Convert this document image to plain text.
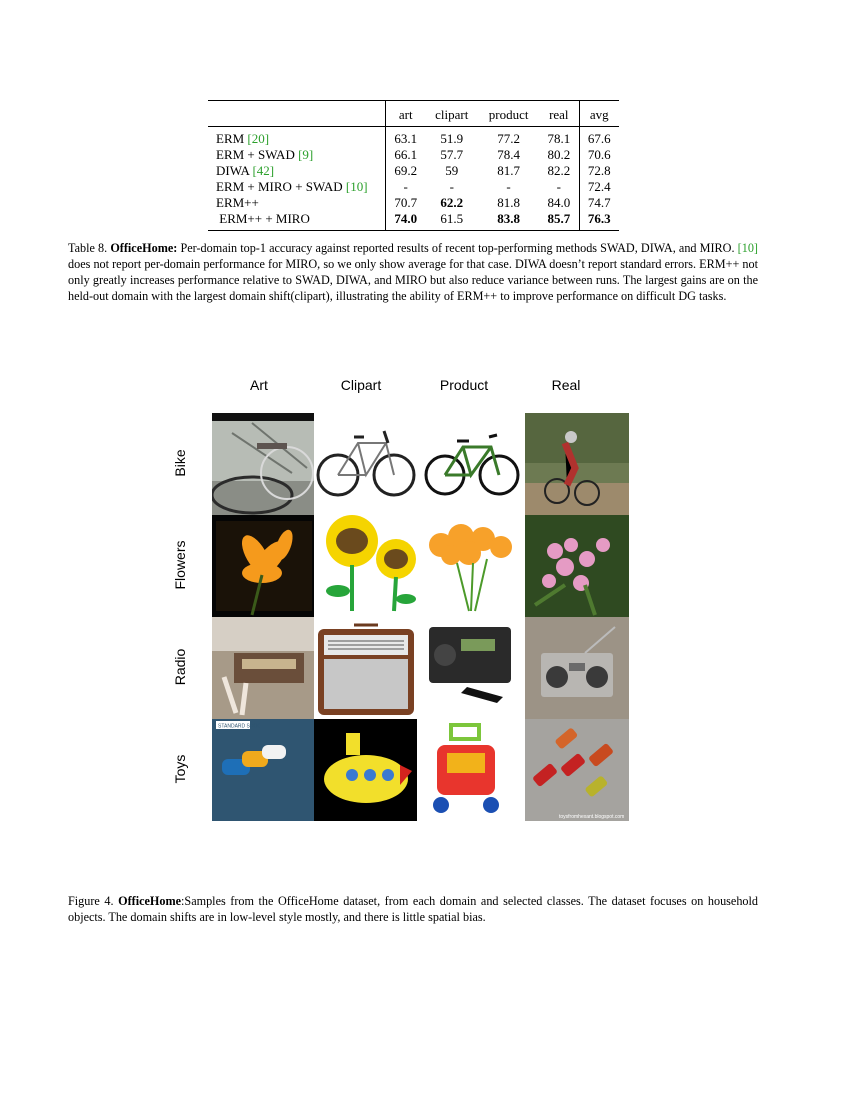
	art	clipart	product	real	avg
ERM [20]	63.1	51.9	77.2	78.1	67.6
ERM + SWAD [9]	66.1	57.7	78.4	80.2	70.6
DIWA [42]	69.2	59	81.7	82.2	72.8
ERM + MIRO + SWAD [10]	-	-	-	-	72.4
ERM++	70.7	62.2	81.8	84.0	74.7
ERM++ + MIRO	74.0	61.5	83.8	85.7	76.3
Table 8. OfficeHome: Per-domain top-1 accuracy against reported results of recent top-performing methods SWAD, DIWA, and MIRO. [10] does not report per-domain performance for MIRO, so we only show average for that case. DIWA doesn’t report standard errors. ERM++ not only greatly increases performance relative to SWAD, DIWA, and MIRO but also reduce variance between runs. The largest gains are on the held-out domain with the largest domain shift(clipart), illustrating the ability of ERM++ to improve performance on difficult DG tasks.
Art	Clipart	Product	Real
Bike
Flowers
Radio
Toys
STANDARD SHOE
toysfromhexant.blogspot.com
Figure 4. OfficeHome:Samples from the OfficeHome dataset, from each domain and selected classes. The dataset focuses on household objects. The domain shifts are in low-level style mostly, and there is little spatial bias.
